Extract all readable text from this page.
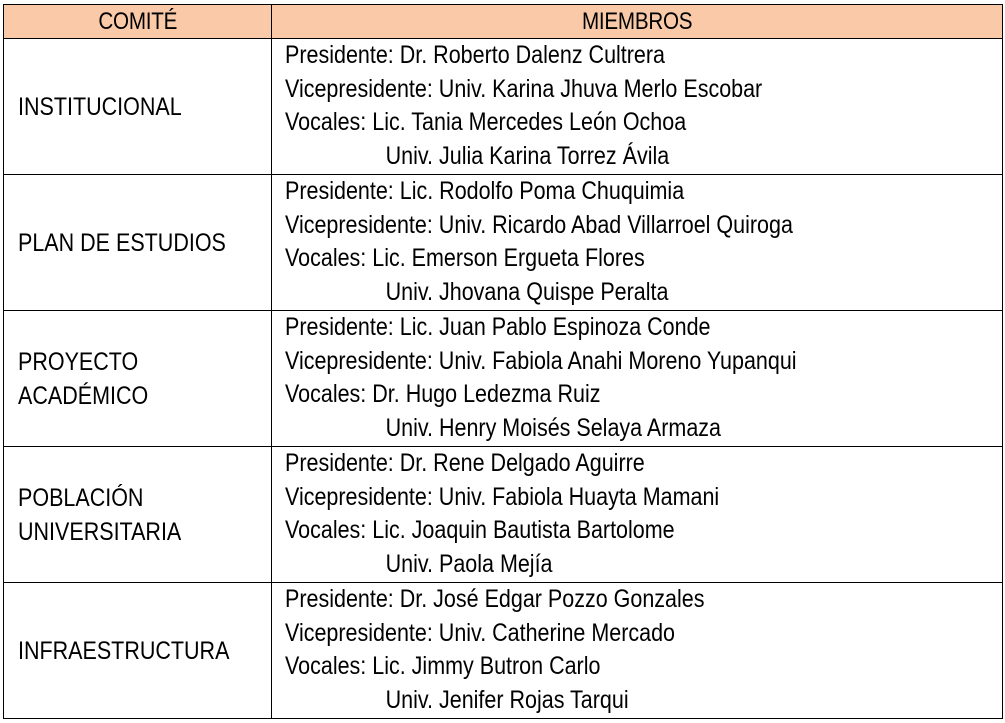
COMITÉ	MIEMBROS
INSTITUCIONAL	Presidente: Dr. Roberto Dalenz Cultrera
Vicepresidente: Univ. Karina Jhuva Merlo Escobar
Vocales: Lic. Tania Mercedes León Ochoa
Univ. Julia Karina Torrez Ávila

PLAN DE ESTUDIOS	Presidente: Lic. Rodolfo Poma Chuquimia
Vicepresidente: Univ. Ricardo Abad Villarroel Quiroga
Vocales: Lic. Emerson Ergueta Flores
Univ. Jhovana Quispe Peralta

PROYECTO
ACADÉMICO	Presidente: Lic. Juan Pablo Espinoza Conde
Vicepresidente: Univ. Fabiola Anahi Moreno Yupanqui
Vocales: Dr. Hugo Ledezma Ruiz
Univ. Henry Moisés Selaya Armaza

POBLACIÓN
UNIVERSITARIA	Presidente: Dr. Rene Delgado Aguirre
Vicepresidente: Univ. Fabiola Huayta Mamani
Vocales: Lic. Joaquin Bautista Bartolome
Univ. Paola Mejía

INFRAESTRUCTURA	Presidente: Dr. José Edgar Pozzo Gonzales
Vicepresidente: Univ. Catherine Mercado
Vocales: Lic. Jimmy Butron Carlo
Univ. Jenifer Rojas Tarqui
